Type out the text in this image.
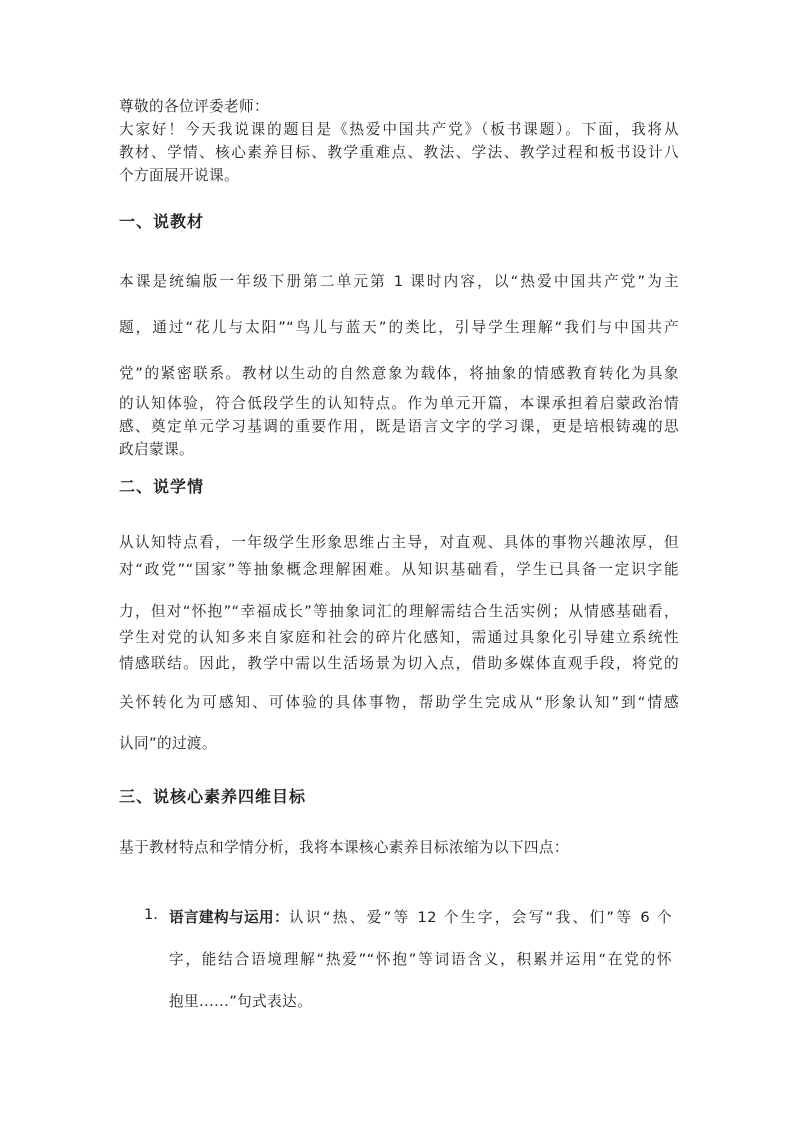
尊敬的各位评委老师：

大家好！今天我说课的题目是《热爱中国共产党》（板书课题）。下面，我将从

教材、学情、核心素养目标、教学重难点、教法、学法、教学过程和板书设计八

个方面展开说课。

一、说教材

本课是统编版一年级下册第二单元第 1 课时内容，以“热爱中国共产党”为主

题，通过“花儿与太阳”“鸟儿与蓝天”的类比，引导学生理解“我们与中国共产

党”的紧密联系。教材以生动的自然意象为载体，将抽象的情感教育转化为具象

的认知体验，符合低段学生的认知特点。作为单元开篇，本课承担着启蒙政治情

感、奠定单元学习基调的重要作用，既是语言文字的学习课，更是培根铸魂的思

政启蒙课。

二、说学情

从认知特点看，一年级学生形象思维占主导，对直观、具体的事物兴趣浓厚，但

对“政党”“国家”等抽象概念理解困难。从知识基础看，学生已具备一定识字能

力，但对“怀抱”“幸福成长”等抽象词汇的理解需结合生活实例；从情感基础看，

学生对党的认知多来自家庭和社会的碎片化感知，需通过具象化引导建立系统性

情感联结。因此，教学中需以生活场景为切入点，借助多媒体直观手段，将党的

关怀转化为可感知、可体验的具体事物，帮助学生完成从“形象认知”到“情感

认同”的过渡。

三、说核心素养四维目标

基于教材特点和学情分析，我将本课核心素养目标浓缩为以下四点：

1. 语言建构与运用： 认识“热、爱”等 12 个生字，会写“我、们”等 6 个

字，能结合语境理解“热爱”“怀抱”等词语含义，积累并运用“在党的怀

抱里......”句式表达。
